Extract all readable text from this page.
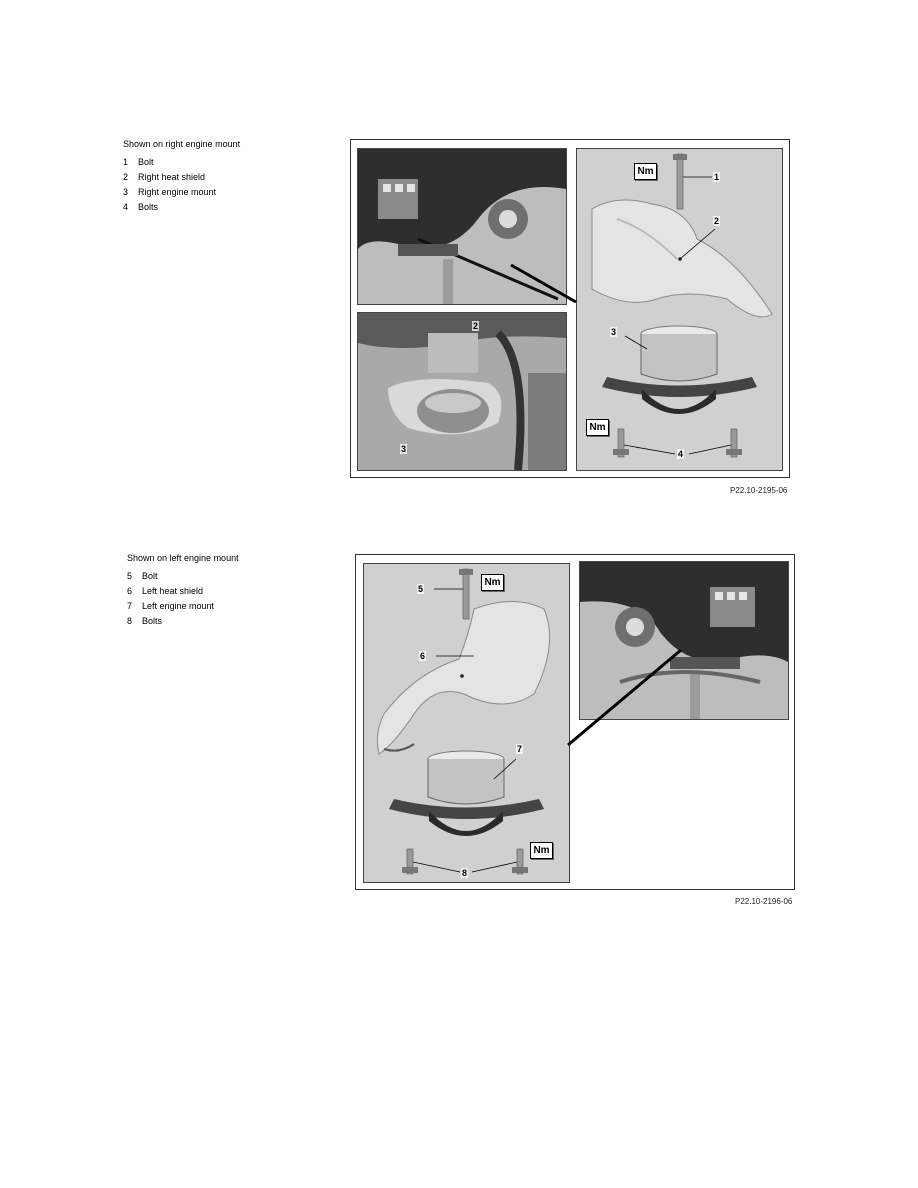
Shown on right engine mount
1	Bolt
2	Right heat shield
3	Right engine mount
4	Bolts
2
3
Nm	1
2
3
Nm
4
P22.10-2195-06
Shown on left engine mount
5	Bolt
6	Left heat shield
7	Left engine mount
8	Bolts
Nm
5
6
7
Nm
8
P22.10-2196-06
